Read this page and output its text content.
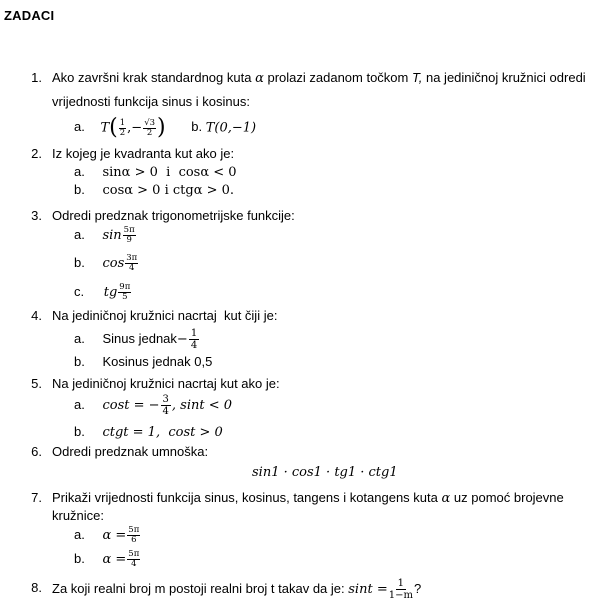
ZADACI
1. Ako završni krak standardnog kuta α prolazi zadanom točkom T, na jediničnoj kružnici odredi
vrijednosti funkcija sinus i kosinus:
a. $T( \frac{1}{2}$ ,− $\frac{√3}{2}$ ) b. T(0,−1)
2. Iz kojeg je kvadranta kut ako je:
a. sinα > 0  i  cosα < 0
b. cosα > 0 i ctgα > 0.
3. Odredi predznak trigonometrijske funkcije:
a. $\sin \frac{5\pi}{9}$
b. $\cos \frac{3\pi}{4}$
c. tg $\frac{9\pi}{5}$
4. Na jediničnoj kružnici nacrtaj  kut čiji je:
a. Sinus jednak− $\frac{1}{4}$
b. Kosinus jednak 0,5
5. Na jediničnoj kružnici nacrtaj kut ako je:
a. cost = − $\frac{3}{4}$ , sint < 0
b. ctgt = 1,  cost > 0
6. Odredi predznak umnoška:
sin1 · cos1 · tg1 · ctg1
7. Prikaži vrijednosti funkcija sinus, kosinus, tangens i kotangens kuta α uz pomoć brojevne
kružnice:
a. $\alpha = \frac{5\pi}{6}$
b. $\alpha = \frac{5\pi}{4}$
8. Za koji realni broj m postoji realni broj t takav da je: $\sin t = \frac{1}{1-m}$ ?
